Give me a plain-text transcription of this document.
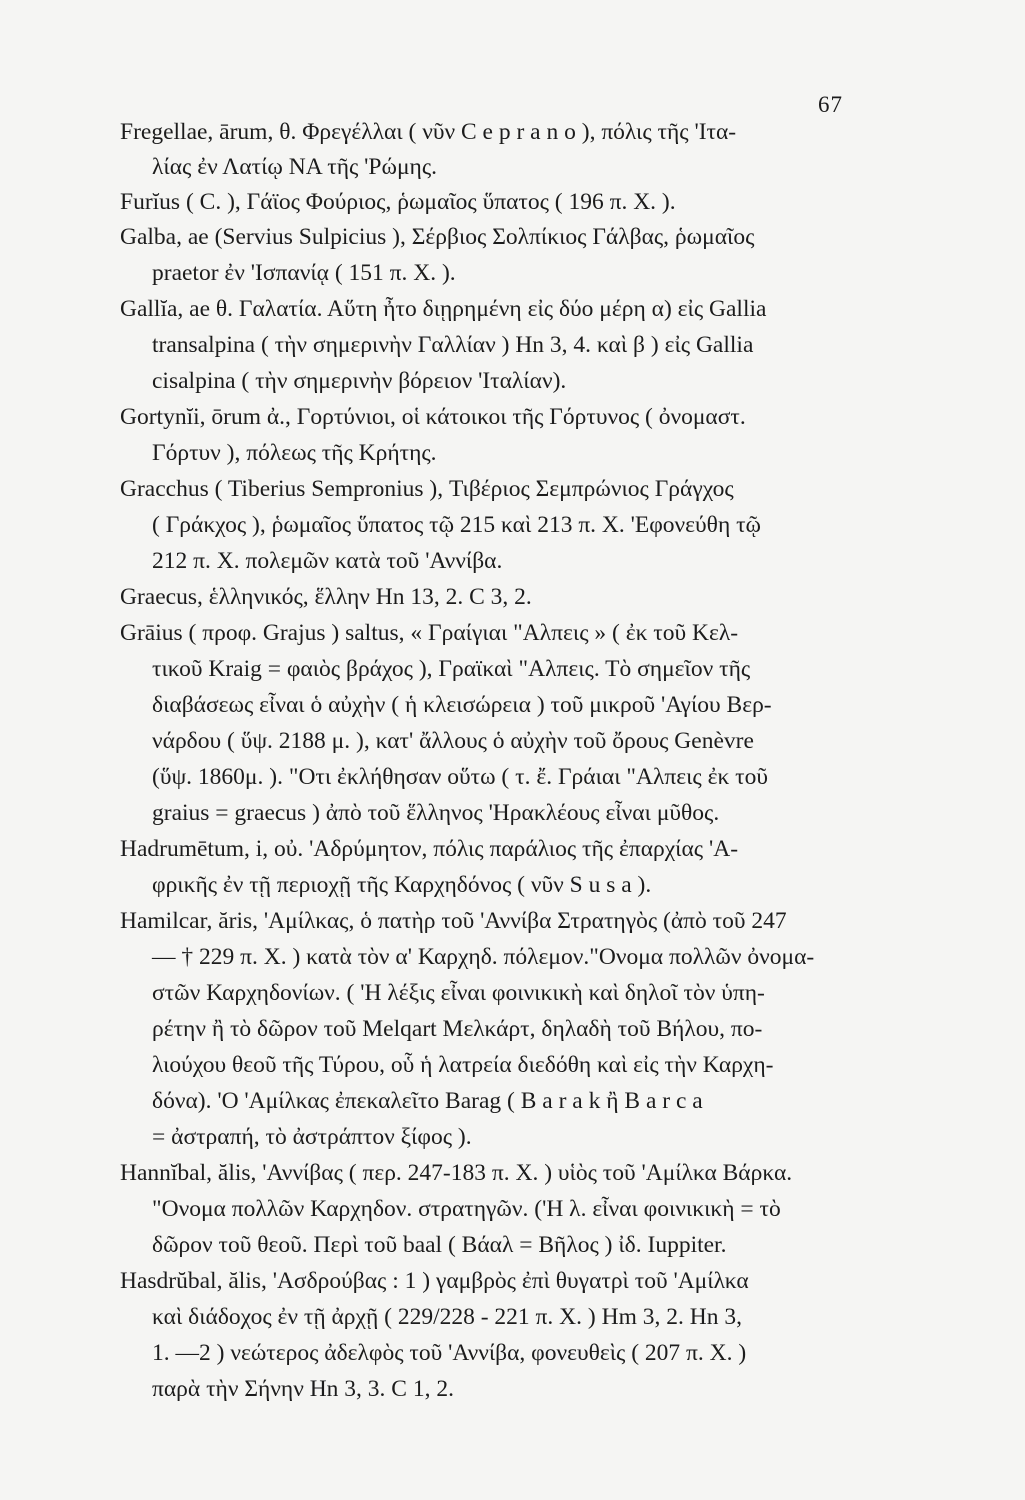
67
Fregellae, ārum, θ. Φρεγέλλαι ( νῦν C e p r a n o ), πόλις τῆς 'Ιτα-
λίας ἐν Λατίῳ ΝΑ τῆς 'Ρώμης.
Furĭus ( C. ), Γάϊος Φούριος, ῥωμαῖος ὕπατος ( 196 π. Χ. ).
Galba, ae (Servius Sulpicius ), Σέρβιος Σολπίκιος Γάλβας, ῥωμαῖος
praetor ἐν 'Ισπανίᾳ ( 151 π. Χ. ).
Gallĭa, ae θ. Γαλατία. Αὕτη ἦτο διῃρημένη εἰς δύο μέρη α) εἰς Gallia
transalpina ( τὴν σημερινὴν Γαλλίαν ) Hn 3, 4. καὶ β ) εἰς Gallia
cisalpina ( τὴν σημερινὴν βόρειον 'Ιταλίαν).
Gortynĭi, ōrum ἀ., Γορτύνιοι, οἱ κάτοικοι τῆς Γόρτυνος ( ὀνομαστ.
Γόρτυν ), πόλεως τῆς Κρήτης.
Gracchus ( Tiberius Sempronius ), Τιβέριος Σεμπρώνιος Γράγχος
( Γράκχος ), ῥωμαῖος ὕπατος τῷ 215 καὶ 213 π. Χ. 'Εφονεύθη τῷ
212 π. Χ. πολεμῶν κατὰ τοῦ 'Αννίβα.
Graecus, ἑλληνικός, ἕλλην Hn 13, 2. C 3, 2.
Grāius ( προφ. Grajus ) saltus, « Γραίγιαι "Αλπεις » ( ἐκ τοῦ Κελ-
τικοῦ Kraig = φαιὸς βράχος ), Γραϊκαὶ "Αλπεις. Τὸ σημεῖον τῆς
διαβάσεως εἶναι ὁ αὐχὴν ( ἡ κλεισώρεια ) τοῦ μικροῦ 'Αγίου Βερ-
νάρδου ( ὕψ. 2188 μ. ), κατ' ἄλλους ὁ αὐχὴν τοῦ ὄρους Genèvre
(ὕψ. 1860μ. ). "Οτι ἐκλήθησαν οὕτω ( τ. ἔ. Γράιαι "Αλπεις ἐκ τοῦ
graius = graecus ) ἀπὸ τοῦ ἕλληνος 'Ηρακλέους εἶναι μῦθος.
Hadrumētum, i, οὐ. 'Αδρύμητον, πόλις παράλιος τῆς ἐπαρχίας 'Α-
φρικῆς ἐν τῇ περιοχῇ τῆς Καρχηδόνος ( νῦν S u s a ).
Hamilcar, ăris, 'Αμίλκας, ὁ πατὴρ τοῦ 'Αννίβα Στρατηγὸς (ἀπὸ τοῦ 247
— † 229 π. Χ. ) κατὰ τὸν α' Καρχηδ. πόλεμον."Ονομα πολλῶν ὀνομα-
στῶν Καρχηδονίων. ( 'Η λέξις εἶναι φοινικικὴ καὶ δηλοῖ τὸν ὑπη-
ρέτην ἢ τὸ δῶρον τοῦ Melqart Μελκάρτ, δηλαδὴ τοῦ Βήλου, πο-
λιούχου θεοῦ τῆς Τύρου, οὗ ἡ λατρεία διεδόθη καὶ εἰς τὴν Καρχη-
δόνα). 'Ο 'Αμίλκας ἐπεκαλεῖτο Barag ( B a r a k ἢ B a r c a
= ἀστραπή, τὸ ἀστράπτον ξίφος ).
Hannĭbal, ălis, 'Αννίβας ( περ. 247-183 π. Χ. ) υἱὸς τοῦ 'Αμίλκα Βάρκα.
"Ονομα πολλῶν Καρχηδον. στρατηγῶν. ('Η λ. εἶναι φοινικικὴ = τὸ
δῶρον τοῦ θεοῦ. Περὶ τοῦ baal ( Βάαλ = Βῆλος ) ἰδ. Iuppiter.
Hasdrŭbal, ălis, 'Ασδρούβας : 1 ) γαμβρὸς ἐπὶ θυγατρὶ τοῦ 'Αμίλκα
καὶ διάδοχος ἐν τῇ ἀρχῇ ( 229/228 - 221 π. Χ. ) Hm 3, 2. Hn 3,
1. —2 ) νεώτερος ἀδελφὸς τοῦ 'Αννίβα, φονευθεὶς ( 207 π. Χ. )
παρὰ τὴν Σήνην Hn 3, 3. C 1, 2.
